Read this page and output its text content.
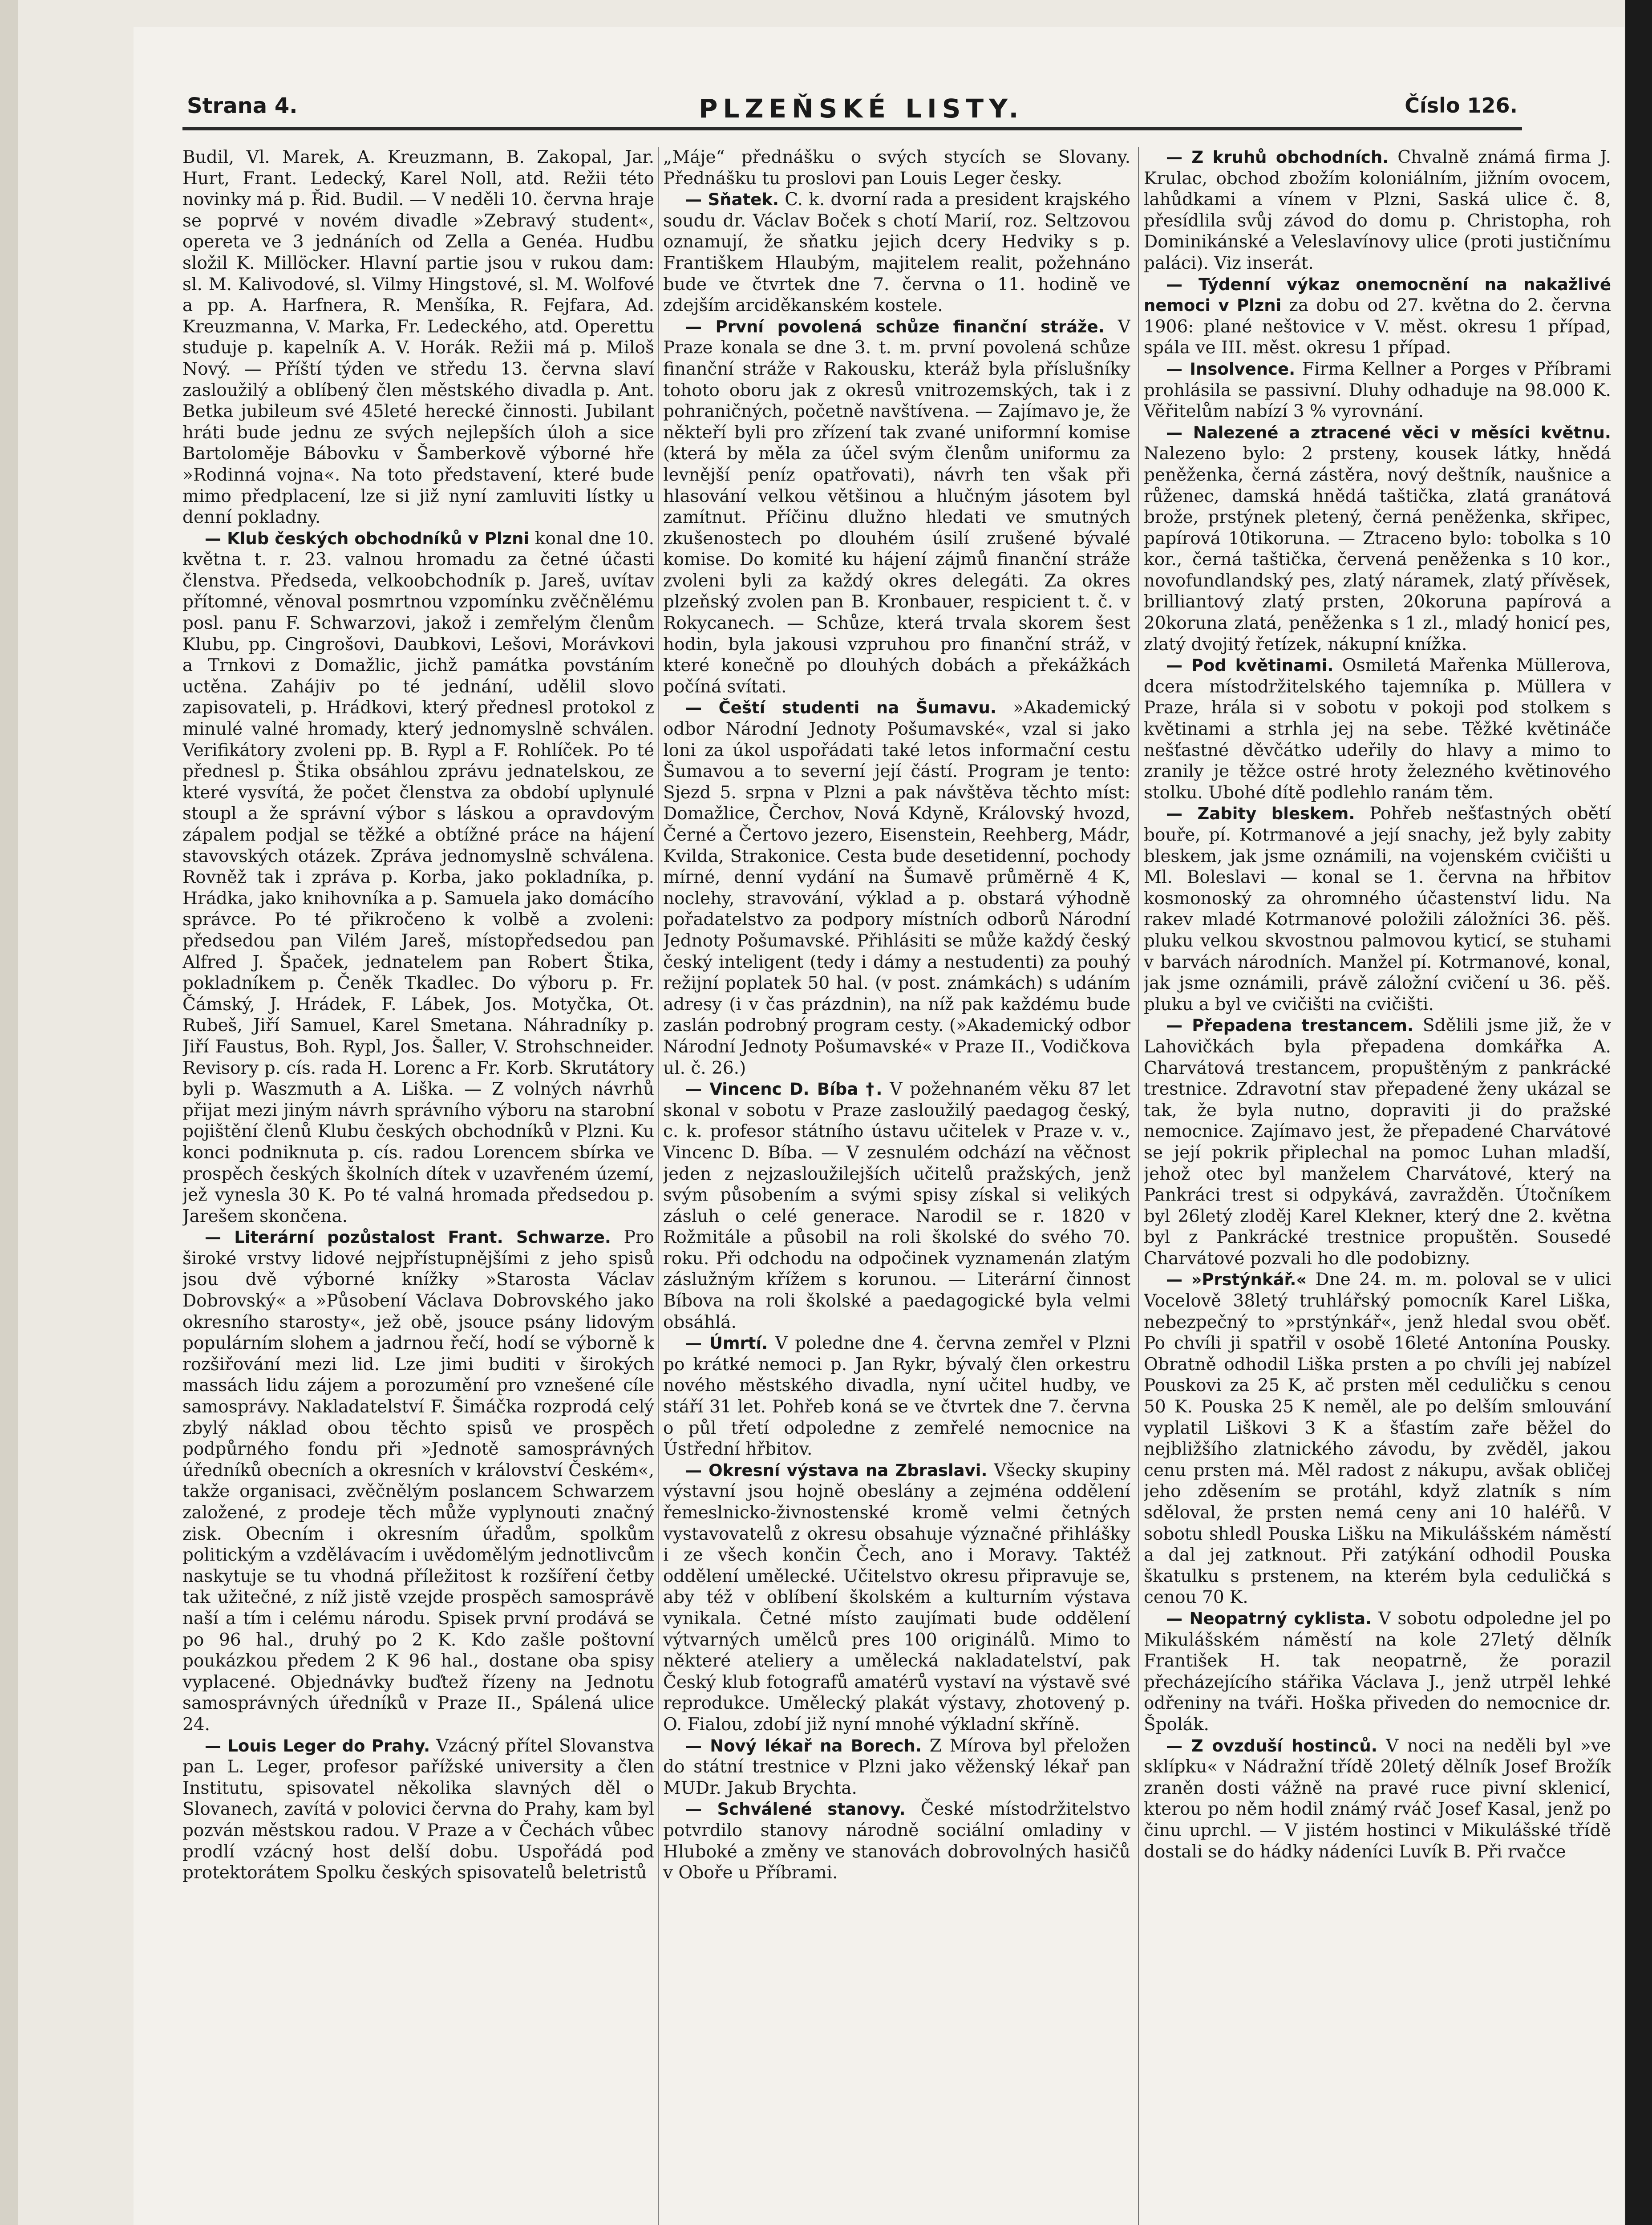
Strana 4.	PLZEŇSKÉ LISTY.	Číslo 126.

Budil, Vl. Marek, A. Kreuzmann, B. Zakopal, Jar. Hurt, Frant. Ledecký, Karel Noll, atd. Režii této novinky má p. Řid. Budil. — V neděli 10. června hraje se poprvé v novém divadle »Zebravý student«, opereta ve 3 jednáních od Zella a Genéa. Hudbu složil K. Millöcker. Hlavní partie jsou v rukou dam: sl. M. Kalivodové, sl. Vilmy Hingstové, sl. M. Wolfové a pp. A. Harfnera, R. Menšíka, R. Fejfara, Ad. Kreuzmanna, V. Marka, Fr. Ledeckého, atd. Operettu studuje p. kapelník A. V. Horák. Režii má p. Miloš Nový. — Příští týden ve středu 13. června slaví zasloužilý a oblíbený člen městského divadla p. Ant. Betka jubileum své 45leté herecké činnosti. Jubilant hráti bude jednu ze svých nejlepších úloh a sice Bartoloměje Bábovku v Šamberkově výborné hře »Rodinná vojna«. Na toto představení, které bude mimo předplacení, lze si již nyní zamluviti lístky u denní pokladny.

— Klub českých obchodníků v Plzni konal dne 10. května t. r. 23. valnou hromadu za četné účasti členstva. Předseda, velkoobchodník p. Jareš, uvítav přítomné, věnoval posmrtnou vzpomínku zvěčnělému posl. panu F. Schwarzovi, jakož i zemřelým členům Klubu, pp. Cingrošovi, Daubkovi, Lešovi, Morávkovi a Trnkovi z Domažlic, jichž památka povstáním uctěna. Zahájiv po té jednání, udělil slovo zapisovateli, p. Hrádkovi, který přednesl protokol z minulé valné hromady, který jednomyslně schválen. Verifikátory zvoleni pp. B. Rypl a F. Rohlíček. Po té přednesl p. Štika obsáhlou zprávu jednatelskou, ze které vysvítá, že počet členstva za období uplynulé stoupl a že správní výbor s láskou a opravdovým zápalem podjal se těžké a obtížné práce na hájení stavovských otázek. Zpráva jednomyslně schválena. Rovněž tak i zpráva p. Korba, jako pokladníka, p. Hrádka, jako knihovníka a p. Samuela jako domácího správce. Po té přikročeno k volbě a zvoleni: předsedou pan Vilém Jareš, místopředsedou pan Alfred J. Špaček, jednatelem pan Robert Štika, pokladníkem p. Čeněk Tkadlec. Do výboru p. Fr. Čámský, J. Hrádek, F. Lábek, Jos. Motyčka, Ot. Rubeš, Jiří Samuel, Karel Smetana. Náhradníky p. Jiří Faustus, Boh. Rypl, Jos. Šaller, V. Strohschneider. Revisory p. cís. rada H. Lorenc a Fr. Korb. Skrutátory byli p. Waszmuth a A. Liška. — Z volných návrhů přijat mezi jiným návrh správního výboru na starobní pojištění členů Klubu českých obchodníků v Plzni. Ku konci podniknuta p. cís. radou Lorencem sbírka ve prospěch českých školních dítek v uzavřeném území, jež vynesla 30 K. Po té valná hromada předsedou p. Jarešem skončena.

— Literární pozůstalost Frant. Schwarze. Pro široké vrstvy lidové nejpřístupnějšími z jeho spisů jsou dvě výborné knížky »Starosta Václav Dobrovský« a »Působení Václava Dobrovského jako okresního starosty«, jež obě, jsouce psány lidovým populárním slohem a jadrnou řečí, hodí se výborně k rozšiřování mezi lid. Lze jimi buditi v širokých massách lidu zájem a porozumění pro vznešené cíle samosprávy. Nakladatelství F. Šimáčka rozprodá celý zbylý náklad obou těchto spisů ve prospěch podpůrného fondu při »Jednotě samosprávných úředníků obecních a okresních v království Českém«, takže organisaci, zvěčnělým poslancem Schwarzem založené, z prodeje těch může vyplynouti značný zisk. Obecním i okresním úřadům, spolkům politickým a vzdělávacím i uvědomělým jednotlivcům naskytuje se tu vhodná příležitost k rozšíření četby tak užitečné, z níž jistě vzejde prospěch samosprávě naší a tím i celému národu. Spisek první prodává se po 96 hal., druhý po 2 K. Kdo zašle poštovní poukázkou předem 2 K 96 hal., dostane oba spisy vyplacené. Objednávky buďtež řízeny na Jednotu samosprávných úředníků v Praze II., Spálená ulice 24.

— Louis Leger do Prahy. Vzácný přítel Slovanstva pan L. Leger, profesor pařížské university a člen Institutu, spisovatel několika slavných děl o Slovanech, zavítá v polovici června do Prahy, kam byl pozván městskou radou. V Praze a v Čechách vůbec prodlí vzácný host delší dobu. Uspořádá pod protektorátem Spolku českých spisovatelů beletristů

„Máje“ přednášku o svých stycích se Slovany. Přednášku tu proslovi pan Louis Leger česky.

— Sňatek. C. k. dvorní rada a president krajského soudu dr. Václav Boček s chotí Marií, roz. Seltzovou oznamují, že sňatku jejich dcery Hedviky s p. Františkem Hlaubým, majitelem realit, požehnáno bude ve čtvrtek dne 7. června o 11. hodině ve zdejším arciděkanském kostele.

— První povolená schůze finanční stráže. V Praze konala se dne 3. t. m. první povolená schůze finanční stráže v Rakousku, kteráž byla příslušníky tohoto oboru jak z okresů vnitrozemských, tak i z pohraničných, početně navštívena. — Zajímavo je, že někteří byli pro zřízení tak zvané uniformní komise (která by měla za účel svým členům uniformu za levnější peníz opatřovati), návrh ten však při hlasování velkou většinou a hlučným jásotem byl zamítnut. Příčinu dlužno hledati ve smutných zkušenostech po dlouhém úsilí zrušené bývalé komise. Do komité ku hájení zájmů finanční stráže zvoleni byli za každý okres delegáti. Za okres plzeňský zvolen pan B. Kronbauer, respicient t. č. v Rokycanech. — Schůze, která trvala skorem šest hodin, byla jakousi vzpruhou pro finanční stráž, v které konečně po dlouhých dobách a překážkách počíná svítati.

— Čeští studenti na Šumavu. »Akademický odbor Národní Jednoty Pošumavské«, vzal si jako loni za úkol uspořádati také letos informační cestu Šumavou a to severní její částí. Program je tento: Sjezd 5. srpna v Plzni a pak návštěva těchto míst: Domažlice, Čerchov, Nová Kdyně, Královský hvozd, Černé a Čertovo jezero, Eisenstein, Reehberg, Mádr, Kvilda, Strakonice. Cesta bude desetidenní, pochody mírné, denní vydání na Šumavě průměrně 4 K, noclehy, stravování, výklad a p. obstará výhodně pořadatelstvo za podpory místních odborů Národní Jednoty Pošumavské. Přihlásiti se může každý český český inteligent (tedy i dámy a nestudenti) za pouhý režijní poplatek 50 hal. (v post. známkách) s udáním adresy (i v čas prázdnin), na níž pak každému bude zaslán podrobný program cesty. (»Akademický odbor Národní Jednoty Pošumavské« v Praze II., Vodičkova ul. č. 26.)

— Vincenc D. Bíba †. V požehnaném věku 87 let skonal v sobotu v Praze zasloužilý paedagog český, c. k. profesor státního ústavu učitelek v Praze v. v., Vincenc D. Bíba. — V zesnulém odchází na věčnost jeden z nejzasloužilejších učitelů pražských, jenž svým působením a svými spisy získal si velikých zásluh o celé generace. Narodil se r. 1820 v Rožmitále a působil na roli školské do svého 70. roku. Při odchodu na odpočinek vyznamenán zlatým záslužným křížem s korunou. — Literární činnost Bíbova na roli školské a paedagogické byla velmi obsáhlá.

— Úmrtí. V poledne dne 4. června zemřel v Plzni po krátké nemoci p. Jan Rykr, bývalý člen orkestru nového městského divadla, nyní učitel hudby, ve stáří 31 let. Pohřeb koná se ve čtvrtek dne 7. června o půl třetí odpoledne z zemřelé nemocnice na Ústřední hřbitov.

— Okresní výstava na Zbraslavi. Všecky skupiny výstavní jsou hojně obeslány a zejména oddělení řemeslnicko-živnostenské kromě velmi četných vystavovatelů z okresu obsahuje význačné přihlášky i ze všech končin Čech, ano i Moravy. Taktéž oddělení umělecké. Učitelstvo okresu připravuje se, aby též v oblíbení školském a kulturním výstava vynikala. Četné místo zaujímati bude oddělení výtvarných umělců pres 100 originálů. Mimo to některé ateliery a umělecká nakladatelství, pak Český klub fotografů amatérů vystaví na výstavě své reprodukce. Umělecký plakát výstavy, zhotovený p. O. Fialou, zdobí již nyní mnohé výkladní skříně.

— Nový lékař na Borech. Z Mírova byl přeložen do státní trestnice v Plzni jako věženský lékař pan MUDr. Jakub Brychta.

— Schválené stanovy. České místodržitelstvo potvrdilo stanovy národně sociální omladiny v Hluboké a změny ve stanovách dobrovolných hasičů v Obořе u Příbrami.

— Z kruhů obchodních. Chvalně známá firma J. Krulac, obchod zbožím koloniálním, jižním ovocem, lahůdkami a vínem v Plzni, Saská ulice č. 8, přesídlila svůj závod do domu p. Christopha, roh Dominikánské a Veleslavínovy ulice (proti justičnímu paláci). Viz inserát.

— Týdenní výkaz onemocnění na nakažlivé nemoci v Plzni za dobu od 27. května do 2. června 1906: plané neštovice v V. měst. okresu 1 případ, spála ve III. měst. okresu 1 případ.

— Insolvence. Firma Kellner a Porges v Příbrami prohlásila se passivní. Dluhy odhaduje na 98.000 K. Věřitelům nabízí 3 % vyrovnání.

— Nalezené a ztracené věci v měsíci květnu. Nalezeno bylo: 2 prsteny, kousek látky, hnědá peněženka, černá zástěra, nový deštník, naušnice a růženec, damská hnědá taštička, zlatá granátová brože, prstýnek pletený, černá peněženka, skřipec, papírová 10tikoruna. — Ztraceno bylo: tobolka s 10 kor., černá taštička, červená peněženka s 10 kor., novofundlandský pes, zlatý náramek, zlatý přívěsek, brilliantový zlatý prsten, 20koruna papírová a 20koruna zlatá, peněženka s 1 zl., mladý honicí pes, zlatý dvojitý řetízek, nákupní knížka.

— Pod květinami. Osmiletá Mařenka Müllerova, dcera místodržitelského tajemníka p. Müllera v Praze, hrála si v sobotu v pokoji pod stolkem s květinami a strhla jej na sebe. Těžké květináče nešťastné děvčátko udeřily do hlavy a mimo to zranily je těžce ostré hroty železného květinového stolku. Ubohé dítě podlehlo ranám těm.

— Zabity bleskem. Pohřeb nešťastných obětí bouře, pí. Kotrmanové a její snachy, jež byly zabity bleskem, jak jsme oznámili, na vojenském cvičišti u Ml. Boleslavi — konal se 1. června na hřbitov kosmonoský za ohromného účastenství lidu. Na rakev mladé Kotrmanové položili záložníci 36. pěš. pluku velkou skvostnou palmovou kyticí, se stuhami v barvách národních. Manžel pí. Kotrmanové, konal, jak jsme oznámili, právě záložní cvičení u 36. pěš. pluku a byl ve cvičišti na cvičišti.

— Přepadena trestancem. Sdělili jsme již, že v Lahovičkách byla přepadena domkářka A. Charvátová trestancem, propuštěným z pankrácké trestnice. Zdravotní stav přepadené ženy ukázal se tak, že byla nutno, dopraviti ji do pražské nemocnice. Zajímavo jest, že přepadené Charvátové se její pokrik připlechal na pomoc Luhan mladší, jehož otec byl manželem Charvátové, který na Pankráci trest si odpykává, zavražděn. Útočníkem byl 26letý zloděj Karel Klekner, který dne 2. května byl z Pankrácké trestnice propuštěn. Sousedé Charvátové pozvali ho dle podobizny.

— »Prstýnkář.« Dne 24. m. m. poloval se v ulici Vocelově 38letý truhlářský pomocník Karel Liška, nebezpečný to »prstýnkář«, jenž hledal svou oběť. Po chvíli ji spatřil v osobě 16leté Antonína Pousky. Obratně odhodil Liška prsten a po chvíli jej nabízel Pouskovi za 25 K, ač prsten měl ceduličku s cenou 50 K. Pouska 25 K neměl, ale po delším smlouvání vyplatil Liškovi 3 K a šťastím zaře běžel do nejbližšího zlatnického závodu, by zvěděl, jakou cenu prsten má. Měl radost z nákupu, avšak obličej jeho zděsením se protáhl, když zlatník s ním sděloval, že prsten nemá ceny ani 10 haléřů. V sobotu shledl Pouska Lišku na Mikulášském náměstí a dal jej zatknout. Při zatýkání odhodil Pouska škatulku s prstenem, na kterém byla ceduličká s cenou 70 K.

— Neopatrný cyklista. V sobotu odpoledne jel po Mikulášském náměstí na kole 27letý dělník František H. tak neopatrně, že porazil přecházejícího stářika Václava J., jenž utrpěl lehké odřeniny na tváři. Hoška přiveden do nemocnice dr. Špolák.

— Z ovzduší hostinců. V noci na neděli byl »ve sklípku« v Nádražní třídě 20letý dělník Josef Brožík zraněn dosti vážně na pravé ruce pivní sklenicí, kterou po něm hodil známý rváč Josef Kasal, jenž po činu uprchl. — V jistém hostinci v Mikulášské třídě dostali se do hádky nádeníci Luvík B. Při rvačce
